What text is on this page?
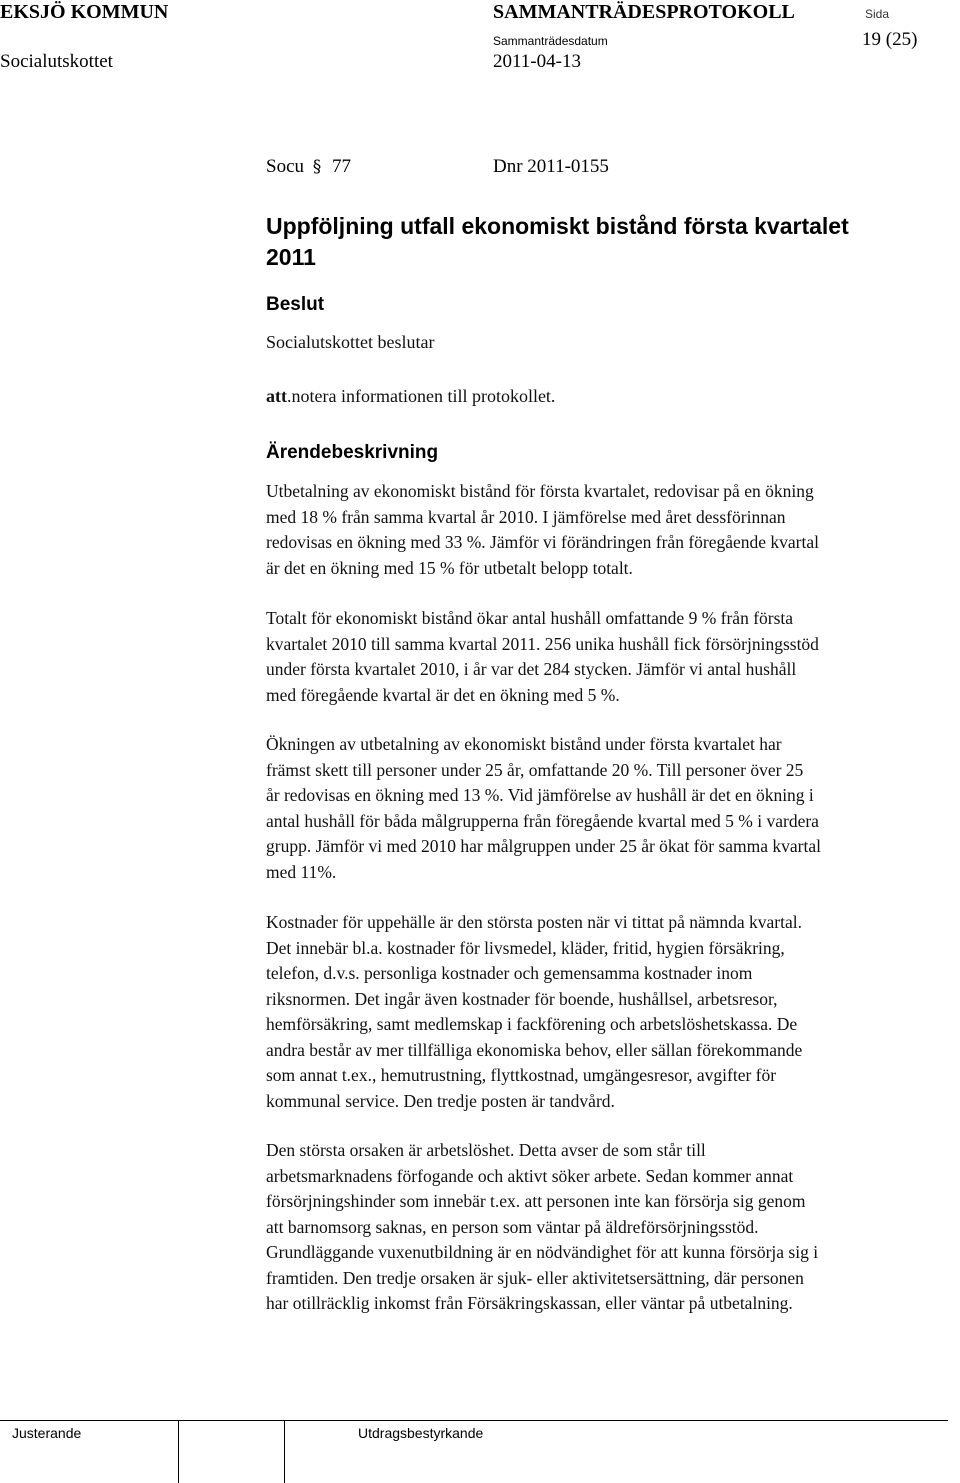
EKSJÖ KOMMUN	SAMMANTRÄDESPROTOKOLL	Sida
Socialutskottet
Sammanträdesdatum
2011-04-13
19 (25)
Socu § 77	Dnr 2011-0155
Uppföljning utfall ekonomiskt bistånd första kvartalet
2011
Beslut
Socialutskottet beslutar
att.notera informationen till protokollet.
Ärendebeskrivning
Utbetalning av ekonomiskt bistånd för första kvartalet, redovisar på en ökning
med 18 % från samma kvartal år 2010. I jämförelse med året dessförinnan
redovisas en ökning med 33 %. Jämför vi förändringen från föregående kvartal
är det en ökning med 15 % för utbetalt belopp totalt.
Totalt för ekonomiskt bistånd ökar antal hushåll omfattande 9 % från första
kvartalet 2010 till samma kvartal 2011. 256 unika hushåll fick försörjningsstöd
under första kvartalet 2010, i år var det 284 stycken. Jämför vi antal hushåll
med föregående kvartal är det en ökning med 5 %.
Ökningen av utbetalning av ekonomiskt bistånd under första kvartalet har
främst skett till personer under 25 år, omfattande 20 %. Till personer över 25
år redovisas en ökning med 13 %. Vid jämförelse av hushåll är det en ökning i
antal hushåll för båda målgrupperna från föregående kvartal med 5 % i vardera
grupp. Jämför vi med 2010 har målgruppen under 25 år ökat för samma kvartal
med 11%.
Kostnader för uppehälle är den största posten när vi tittat på nämnda kvartal.
Det innebär bl.a. kostnader för livsmedel, kläder, fritid, hygien försäkring,
telefon, d.v.s. personliga kostnader och gemensamma kostnader inom
riksnormen. Det ingår även kostnader för boende, hushållsel, arbetsresor,
hemförsäkring, samt medlemskap i fackförening och arbetslöshetskassa. De
andra består av mer tillfälliga ekonomiska behov, eller sällan förekommande
som annat t.ex., hemutrustning, flyttkostnad, umgängesresor, avgifter för
kommunal service. Den tredje posten är tandvård.
Den största orsaken är arbetslöshet. Detta avser de som står till
arbetsmarknadens förfogande och aktivt söker arbete. Sedan kommer annat
försörjningshinder som innebär t.ex. att personen inte kan försörja sig genom
att barnomsorg saknas, en person som väntar på äldreförsörjningsstöd.
Grundläggande vuxenutbildning är en nödvändighet för att kunna försörja sig i
framtiden. Den tredje orsaken är sjuk- eller aktivitetsersättning, där personen
har otillräcklig inkomst från Försäkringskassan, eller väntar på utbetalning.
Justerande	Utdragsbestyrkande
